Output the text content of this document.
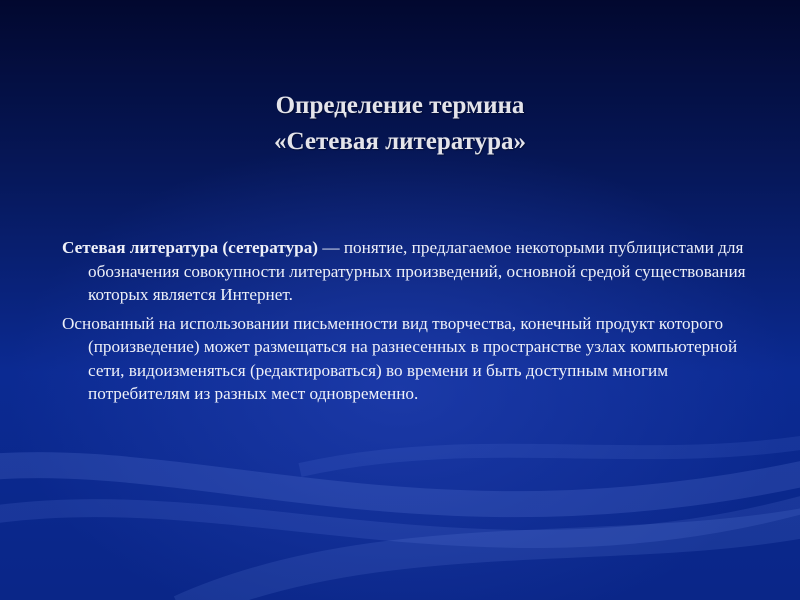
Определение термина
«Сетевая литература»

Сетевая литература (сетература) — понятие, предлагаемое некоторыми публицистами для обозначения совокупности литературных произведений, основной средой существования которых является Интернет.

Основанный на использовании письменности вид творчества, конечный продукт которого (произведение) может размещаться на разнесенных в пространстве узлах компьютерной сети, видоизменяться (редактироваться) во времени и быть доступным многим потребителям из разных мест одновременно.
